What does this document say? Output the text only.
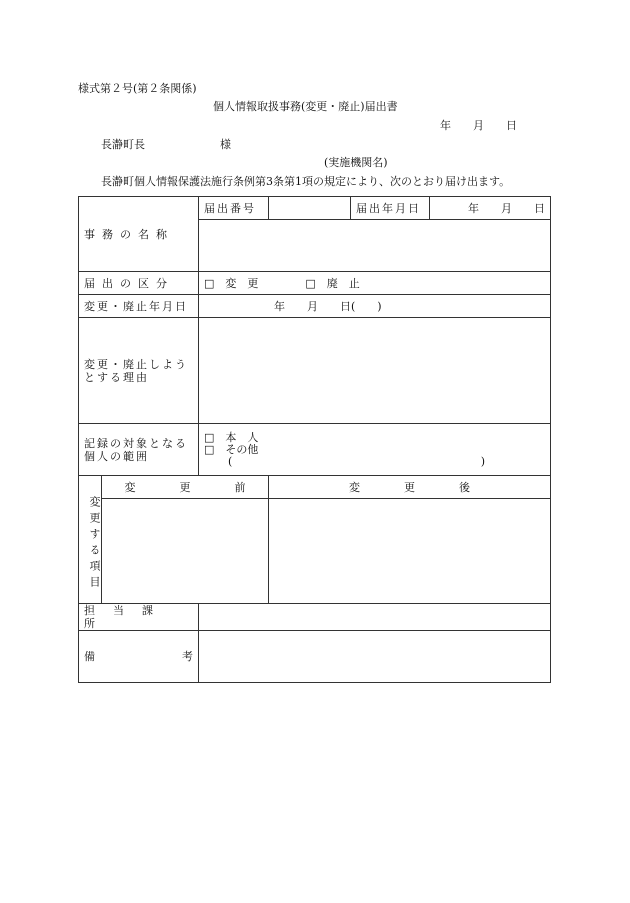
様式第２号(第２条関係)
個人情報取扱事務(変更・廃止)届出書
年　　月　　日
長瀞町長	様
(実施機関名)
長瀞町個人情報保護法施行条例第3条第1項の規定により、次のとおり届け出ます。
事務の名称		届出番号		届出年月日	年　　月　　日

届出の区分		□　変　更 □　廃　止			
変更・廃止年月日		年　　月　　日(　　)			
変更・廃止しようとする理由					
記録の対象となる個人の範囲		□　本　人
□　その他
( )			

変更する項目	変　　　　更　　　　前		変　　　　更　　　　後		

担当課所					

備 考					
